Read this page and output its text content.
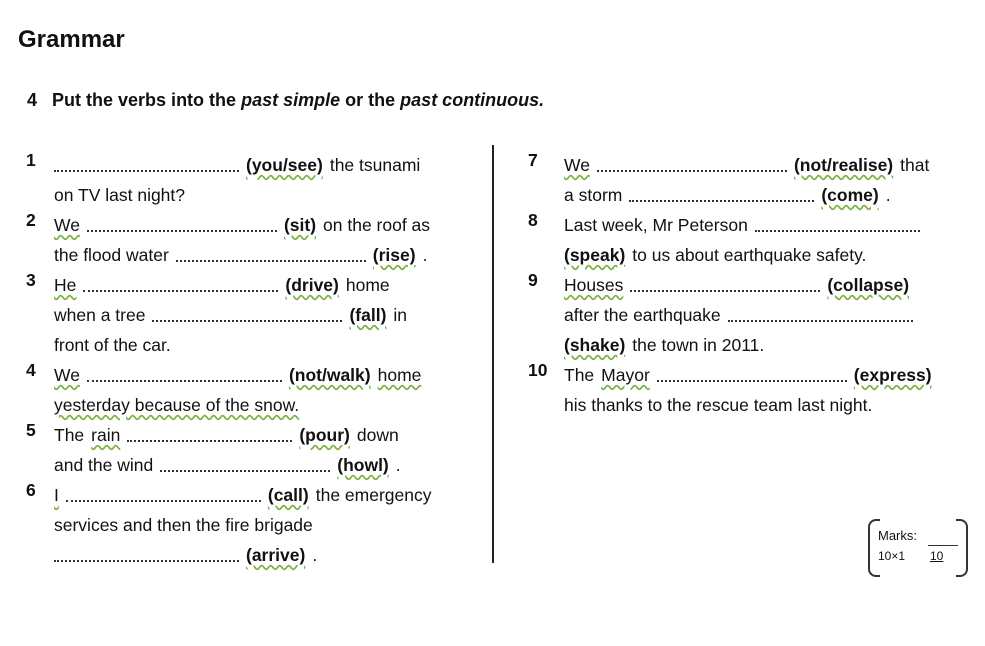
Grammar
4 Put the verbs into the past simple or the past continuous.
1	(you/see) the tsunami
on TV last night?
2	We	(sit) on the roof as
the flood water	(rise) .
3	He	(drive) home
when a tree	(fall) in
front of the car.
4	We	(not/walk) home
yesterday because of the snow.
5	The rain	(pour) down
and the wind	(howl) .
6	I	(call) the emergency
services and then the fire brigade
(arrive) .
7	We	(not/realise) that
a storm	(come) .
8	Last week, Mr Peterson
(speak) to us about earthquake safety.
9	Houses	(collapse)
after the earthquake
(shake) the town in 2011.
10 The Mayor	(express)
his thanks to the rescue team last night.
Marks:
10×1 10
